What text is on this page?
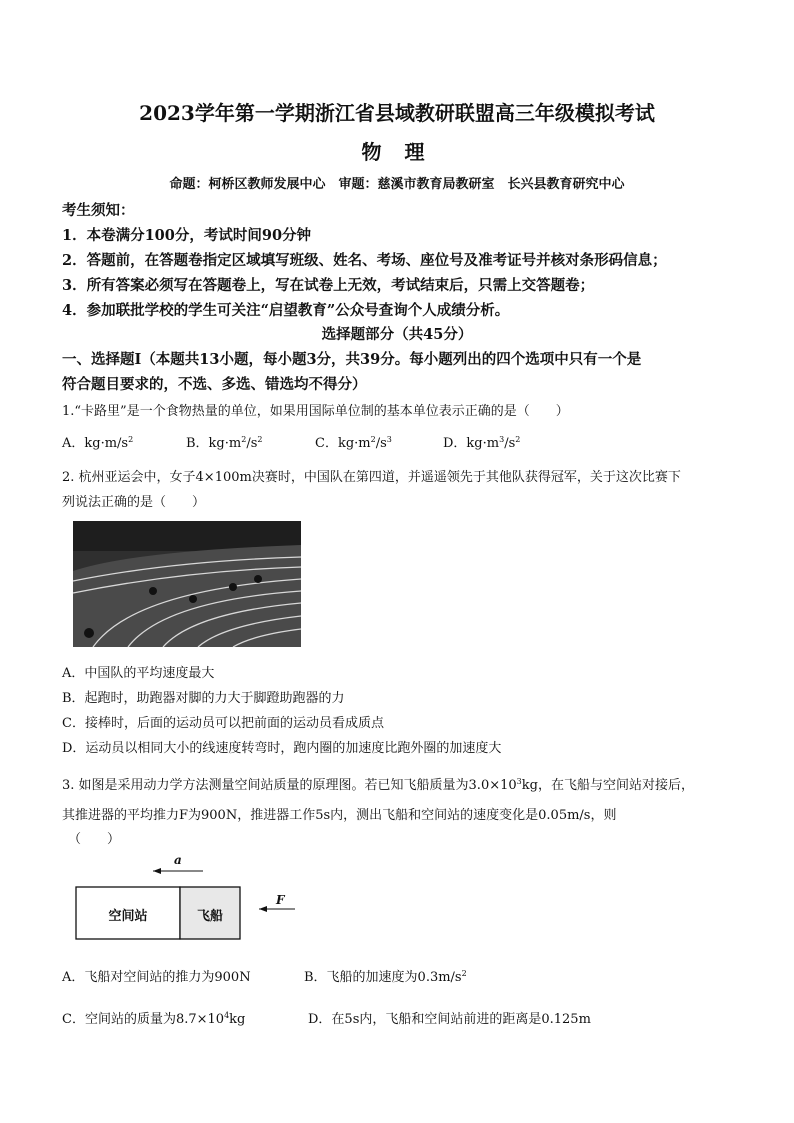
2023学年第一学期浙江省县域教研联盟高三年级模拟考试
物 理
命题：柯桥区教师发展中心　审题：慈溪市教育局教研室　长兴县教育研究中心
考生须知：
1．本卷满分100分，考试时间90分钟
2．答题前，在答题卷指定区域填写班级、姓名、考场、座位号及准考证号并核对条形码信息；
3．所有答案必须写在答题卷上，写在试卷上无效，考试结束后，只需上交答题卷；
4．参加联批学校的学生可关注“启望教育”公众号查询个人成绩分析。
选择题部分（共45分）
一、选择题Ⅰ（本题共13小题，每小题3分，共39分。每小题列出的四个选项中只有一个是
符合题目要求的，不选、多选、错选均不得分）
1.“卡路里”是一个食物热量的单位，如果用国际单位制的基本单位表示正确的是（　　）
A．$kg\cdot m/s^2$	B．$kg\cdot m^2/s^2$	C．$kg\cdot m^2/s^3$	D．$kg\cdot m^3/s^2$
2. 杭州亚运会中，女子4×100m决赛时，中国队在第四道，并遥遥领先于其他队获得冠军，关于这次比赛下
列说法正确的是（　　）
A．中国队的平均速度最大
B．起跑时，助跑器对脚的力大于脚蹬助跑器的力
C．接棒时，后面的运动员可以把前面的运动员看成质点
D．运动员以相同大小的线速度转弯时，跑内圈的加速度比跑外圈的加速度大
3. 如图是采用动力学方法测量空间站质量的原理图。若已知飞船质量为$3.0\times 10^3kg$，在飞船与空间站对接后，
其推进器的平均推力F为900N，推进器工作5s内，测出飞船和空间站的速度变化是0.05m/s，则
（　　）
a
空间站	飞船
F
A．飞船对空间站的推力为900N	B．飞船的加速度为$0.3m/s^2$
C．空间站的质量为$8.7\times 10^4kg$	D．在5s内，飞船和空间站前进的距离是0.125m
